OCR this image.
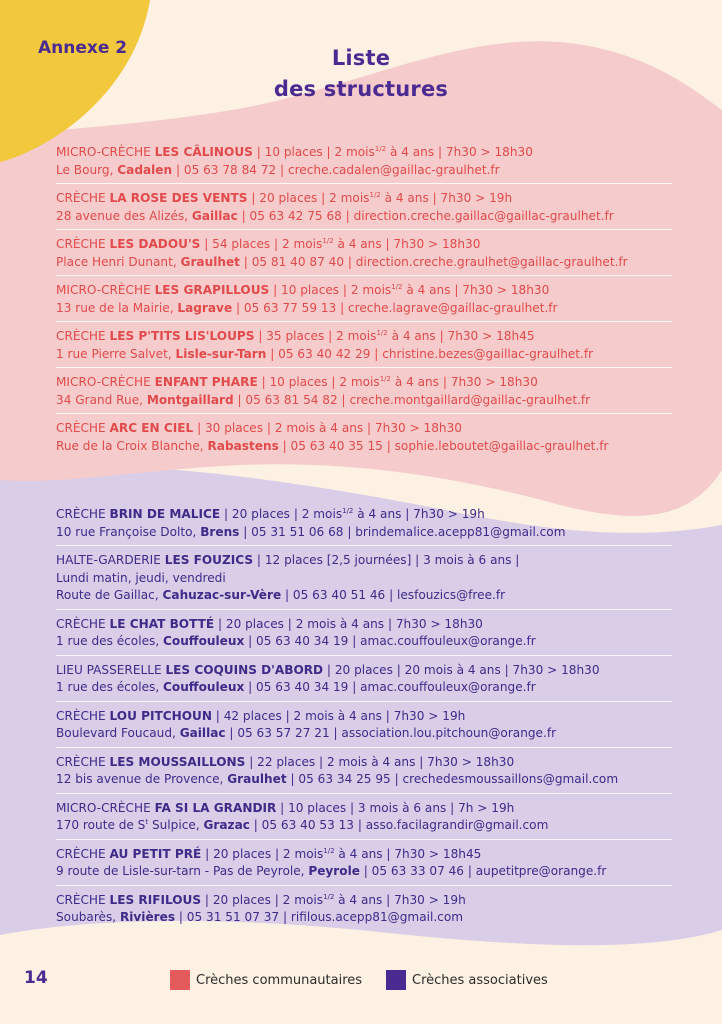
Annexe 2	Liste
des structures
MICRO-CRÈCHE LES CÂLINOUS | 10 places | 2 mois$^{1/2}$ à 4 ans | 7h30 > 18h30
Le Bourg, Cadalen | 05 63 78 84 72 | creche.cadalen@gaillac-graulhet.fr
CRÈCHE LA ROSE DES VENTS | 20 places | 2 mois$^{1/2}$ à 4 ans | 7h30 > 19h
28 avenue des Alizés, Gaillac | 05 63 42 75 68 | direction.creche.gaillac@gaillac-graulhet.fr
CRÈCHE LES DADOU'S | 54 places | 2 mois$^{1/2}$ à 4 ans | 7h30 > 18h30
Place Henri Dunant, Graulhet | 05 81 40 87 40 | direction.creche.graulhet@gaillac-graulhet.fr
MICRO-CRÈCHE LES GRAPILLOUS | 10 places | 2 mois$^{1/2}$ à 4 ans | 7h30 > 18h30
13 rue de la Mairie, Lagrave | 05 63 77 59 13 | creche.lagrave@gaillac-graulhet.fr
CRÈCHE LES P'TITS LIS'LOUPS | 35 places | 2 mois$^{1/2}$ à 4 ans | 7h30 > 18h45
1 rue Pierre Salvet, Lisle-sur-Tarn | 05 63 40 42 29 | christine.bezes@gaillac-graulhet.fr
MICRO-CRÈCHE ENFANT PHARE | 10 places | 2 mois$^{1/2}$ à 4 ans | 7h30 > 18h30
34 Grand Rue, Montgaillard | 05 63 81 54 82 | creche.montgaillard@gaillac-graulhet.fr
CRÈCHE ARC EN CIEL | 30 places | 2 mois à 4 ans | 7h30 > 18h30
Rue de la Croix Blanche, Rabastens | 05 63 40 35 15 | sophie.leboutet@gaillac-graulhet.fr
CRÈCHE BRIN DE MALICE | 20 places | 2 mois$^{1/2}$ à 4 ans | 7h30 > 19h
10 rue Françoise Dolto, Brens | 05 31 51 06 68 | brindemalice.acepp81@gmail.com
HALTE-GARDERIE LES FOUZICS | 12 places [2,5 journées] | 3 mois à 6 ans |
Lundi matin, jeudi, vendredi
Route de Gaillac, Cahuzac-sur-Vère | 05 63 40 51 46 | lesfouzics@free.fr
CRÈCHE LE CHAT BOTTÉ | 20 places | 2 mois à 4 ans | 7h30 > 18h30
1 rue des écoles, Couffouleux | 05 63 40 34 19 | amac.couffouleux@orange.fr
LIEU PASSERELLE LES COQUINS D'ABORD | 20 places | 20 mois à 4 ans | 7h30 > 18h30
1 rue des écoles, Couffouleux | 05 63 40 34 19 | amac.couffouleux@orange.fr
CRÈCHE LOU PITCHOUN | 42 places | 2 mois à 4 ans | 7h30 > 19h
Boulevard Foucaud, Gaillac | 05 63 57 27 21 | association.lou.pitchoun@orange.fr
CRÈCHE LES MOUSSAILLONS | 22 places | 2 mois à 4 ans | 7h30 > 18h30
12 bis avenue de Provence, Graulhet | 05 63 34 25 95 | crechedesmoussaillons@gmail.com
MICRO-CRÈCHE FA SI LA GRANDIR | 10 places | 3 mois à 6 ans | 7h > 19h
170 route de $S^t$ Sulpice, Grazac | 05 63 40 53 13 | asso.facilagrandir@gmail.com
CRÈCHE AU PETIT PRÉ | 20 places | 2 mois$^{1/2}$ à 4 ans | 7h30 > 18h45
9 route de Lisle-sur-tarn - Pas de Peyrole, Peyrole | 05 63 33 07 46 | aupetitpre@orange.fr
CRÈCHE LES RIFILOUS | 20 places | 2 mois$^{1/2}$ à 4 ans | 7h30 > 19h
Soubarès, Rivières | 05 31 51 07 37 | rifilous.acepp81@gmail.com
14	Crèches communautaires	Crèches associatives
